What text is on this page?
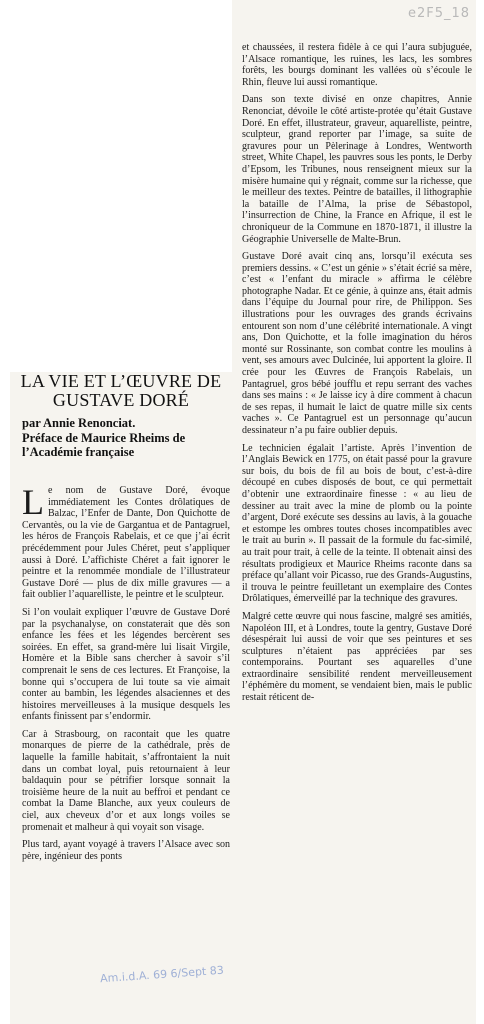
e2F5_18
LA VIE ET L’ŒUVRE DE GUSTAVE DORÉ
par Annie Renonciat.
Préface de Maurice Rheims de l’Académie française

Le nom de Gustave Doré, évoque immédiatement les Contes drôlatiques de Balzac, l’Enfer de Dante, Don Quichotte de Cervantès, ou la vie de Gargantua et de Pantagruel, les héros de François Rabelais, et ce que j’ai écrit précédemment pour Jules Chéret, peut s’appliquer aussi à Doré. L’affichiste Chéret a fait ignorer le peintre et la renommée mondiale de l’illustrateur Gustave Doré — plus de dix mille gravures — a fait oublier l’aquarelliste, le peintre et le sculpteur.

Si l’on voulait expliquer l’œuvre de Gustave Doré par la psychanalyse, on constaterait que dès son enfance les fées et les légendes bercèrent ses soirées. En effet, sa grand-mère lui lisait Virgile, Homère et la Bible sans chercher à savoir s’il comprenait le sens de ces lectures. Et Françoise, la bonne qui s’occupera de lui toute sa vie aimait conter au bambin, les légendes alsaciennes et des histoires merveilleuses à la musique desquels les enfants finissent par s’endormir.

Car à Strasbourg, on racontait que les quatre monarques de pierre de la cathédrale, près de laquelle la famille habitait, s’affrontaient la nuit dans un combat loyal, puis retournaient à leur baldaquin pour se pétrifier lorsque sonnait la troisième heure de la nuit au beffroi et pendant ce combat la Dame Blanche, aux yeux couleurs de ciel, aux cheveux d’or et aux longs voiles se promenait et malheur à qui voyait son visage.

Plus tard, ayant voyagé à travers l’Alsace avec son père, ingénieur des ponts

et chaussées, il restera fidèle à ce qui l’aura subjuguée, l’Alsace romantique, les ruines, les lacs, les sombres forêts, les bourgs dominant les vallées où s’écoule le Rhin, fleuve lui aussi romantique.

Dans son texte divisé en onze chapitres, Annie Renonciat, dévoile le côté artiste-protée qu’était Gustave Doré. En effet, illustrateur, graveur, aquarelliste, peintre, sculpteur, grand reporter par l’image, sa suite de gravures pour un Pèlerinage à Londres, Wentworth street, White Chapel, les pauvres sous les ponts, le Derby d’Epsom, les Tribunes, nous renseignent mieux sur la misère humaine qui y régnait, comme sur la richesse, que le meilleur des textes. Peintre de batailles, il lithographie la bataille de l’Alma, la prise de Sébastopol, l’insurrection de Chine, la France en Afrique, il est le chroniqueur de la Commune en 1870-1871, il illustre la Géographie Universelle de Malte-Brun.

Gustave Doré avait cinq ans, lorsqu’il exécuta ses premiers dessins. « C’est un génie » s’était écrié sa mère, c’est « l’enfant du miracle » affirma le célèbre photographe Nadar. Et ce génie, à quinze ans, était admis dans l’équipe du Journal pour rire, de Philippon. Ses illustrations pour les ouvrages des grands écrivains entourent son nom d’une célébrité internationale. A vingt ans, Don Quichotte, et la folle imagination du héros monté sur Rossinante, son combat contre les moulins à vent, ses amours avec Dulcinée, lui apportent la gloire. Il crée pour les Œuvres de François Rabelais, un Pantagruel, gros bébé joufflu et repu serrant des vaches dans ses mains : « Je laisse icy à dire comment à chacun de ses repas, il humait le laict de quatre mille six cents vaches ». Ce Pantagruel est un personnage qu’aucun dessinateur n’a pu faire oublier depuis.

Le technicien égalait l’artiste. Après l’invention de l’Anglais Bewick en 1775, on était passé pour la gravure sur bois, du bois de fil au bois de bout, c’est-à-dire découpé en cubes disposés de bout, ce qui permettait d’obtenir une extraordinaire finesse : « au lieu de dessiner au trait avec la mine de plomb ou la pointe d’argent, Doré exécute ses dessins au lavis, à la gouache et estompe les ombres toutes choses incompatibles avec le trait au burin ». Il passait de la formule du fac-similé, au trait pour trait, à celle de la teinte. Il obtenait ainsi des résultats prodigieux et Maurice Rheims raconte dans sa préface qu’allant voir Picasso, rue des Grands-Augustins, il trouva le peintre feuilletant un exemplaire des Contes Drôlatiques, émerveillé par la technique des gravures.

Malgré cette œuvre qui nous fascine, malgré ses amitiés, Napoléon III, et à Londres, toute la gentry, Gustave Doré désespérait lui aussi de voir que ses peintures et ses sculptures n’étaient pas appréciées par ses contemporains. Pourtant ses aquarelles d’une extraordinaire sensibilité rendent merveilleusement l’éphémère du moment, se vendaient bien, mais le public restait réticent de-

Am.i.d.A. 69 6/Sept 83
